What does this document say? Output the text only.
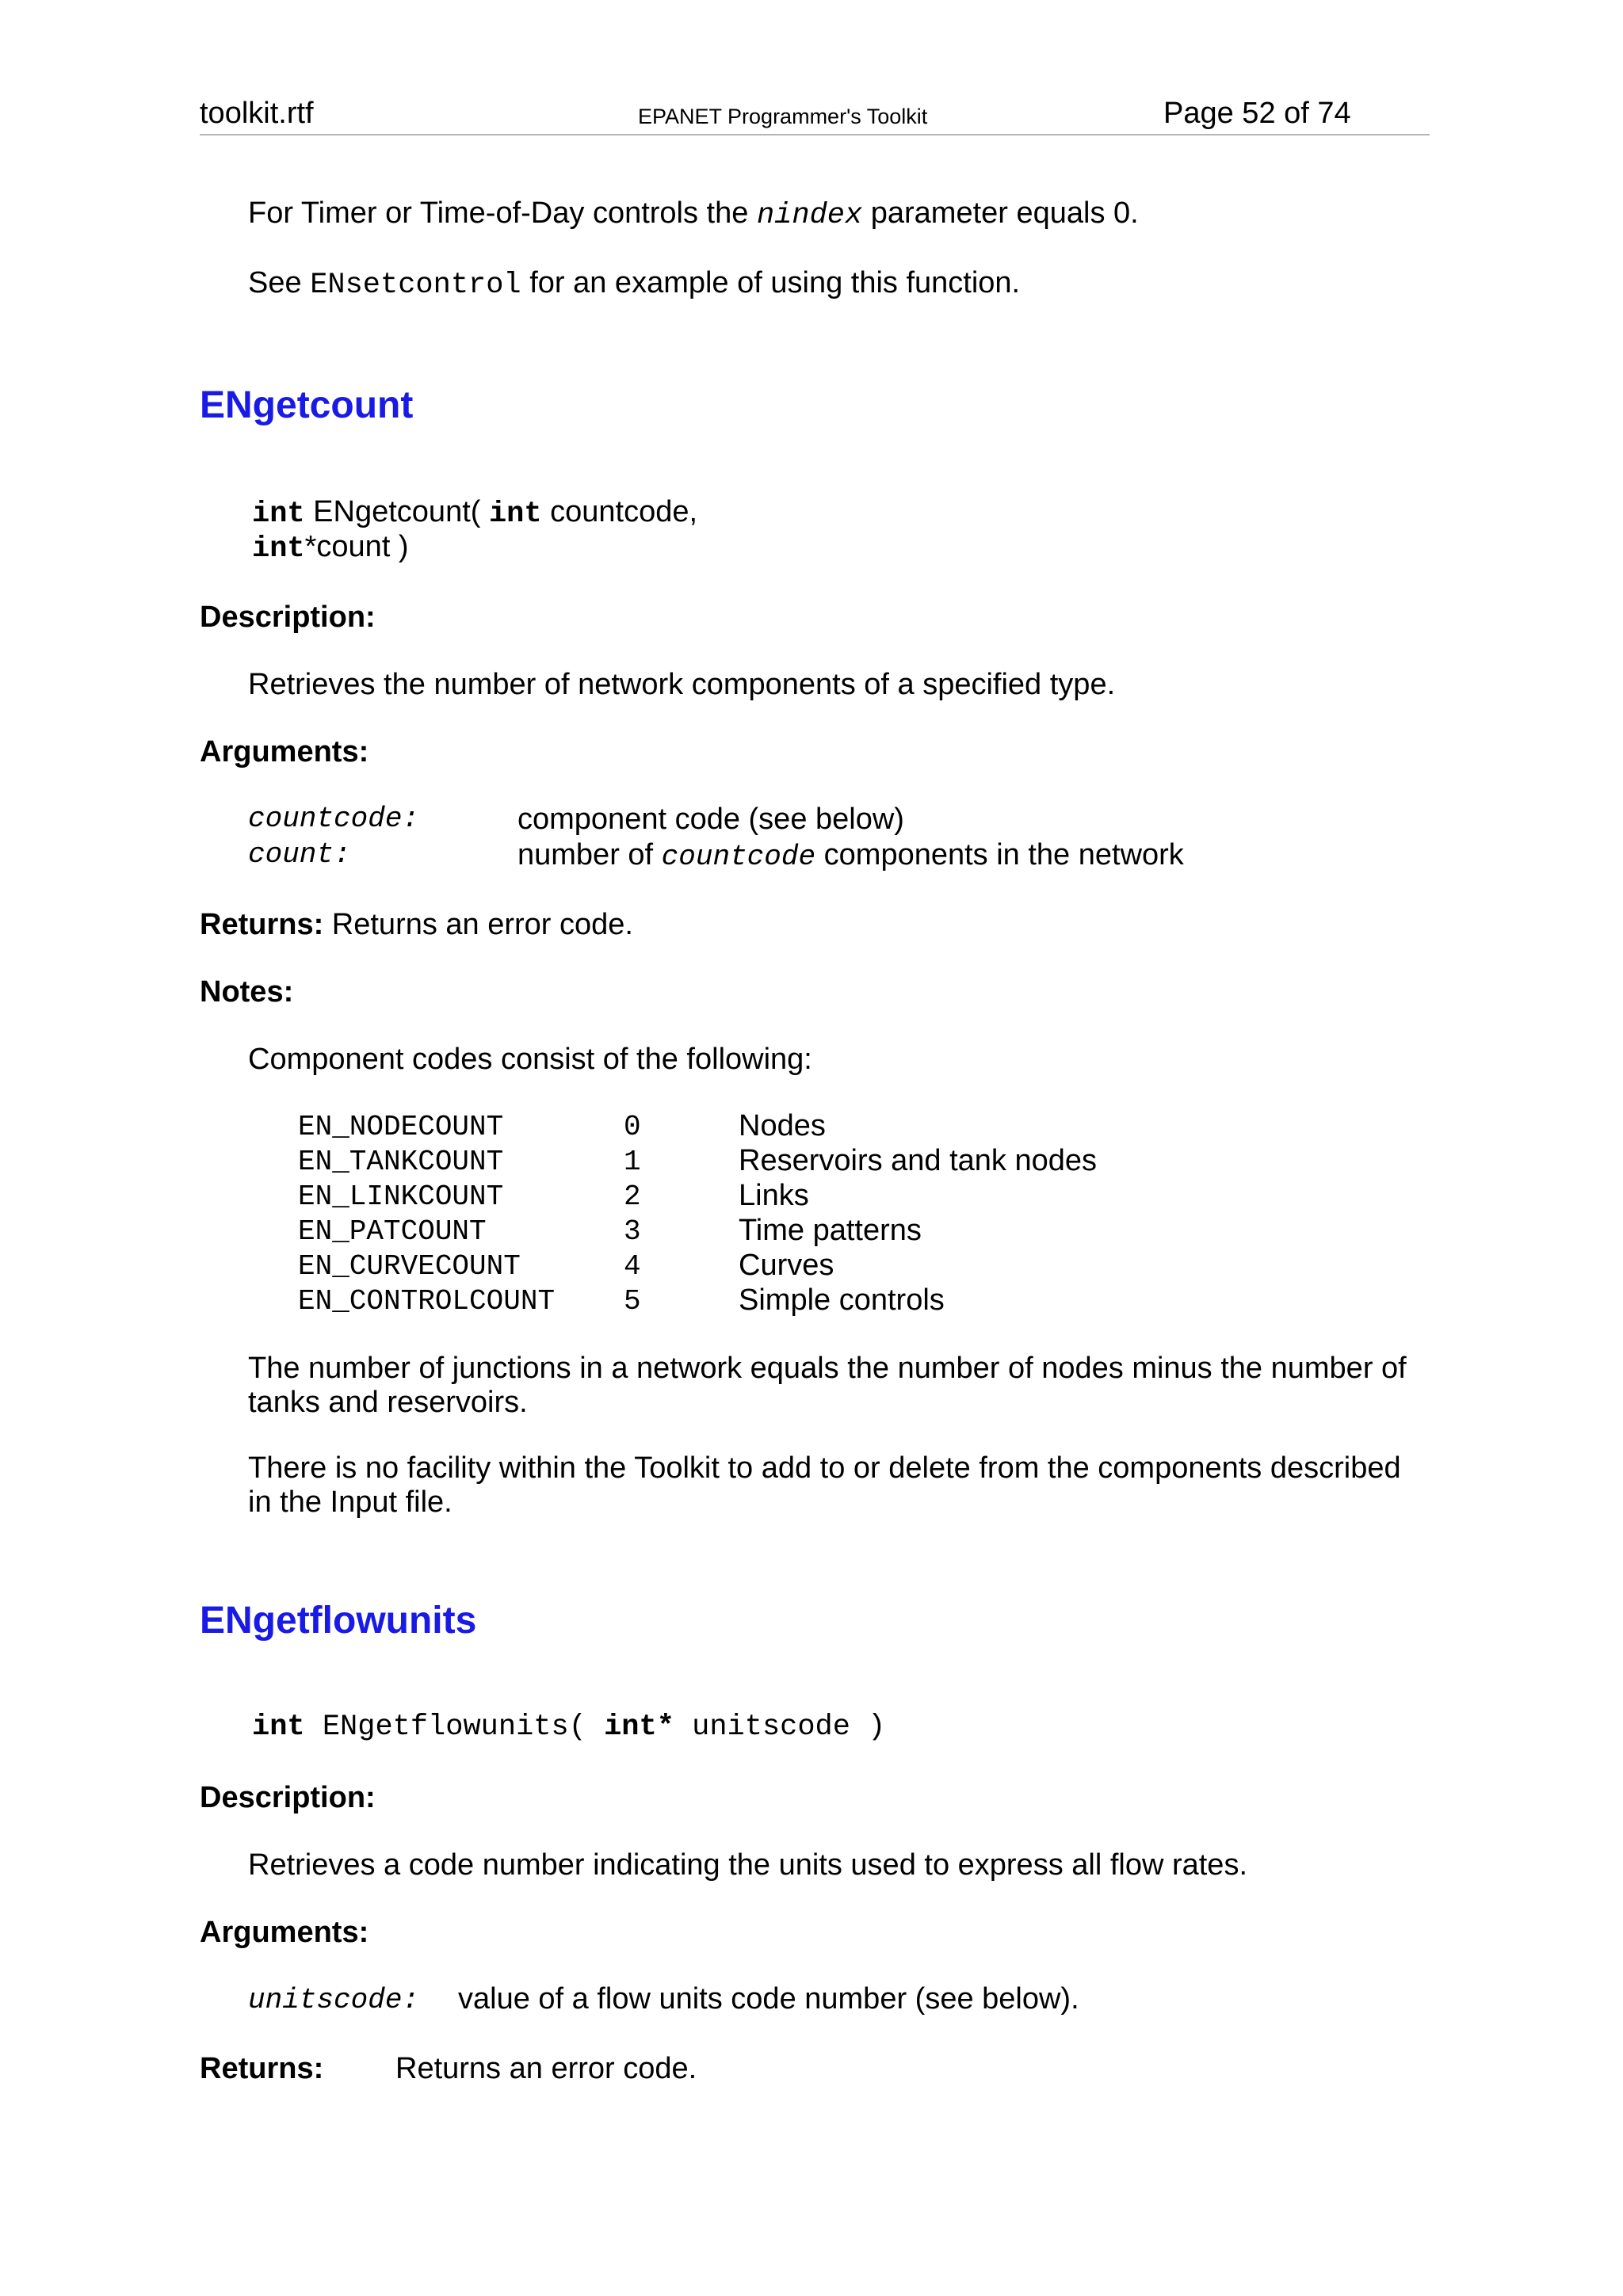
toolkit.rtf	EPANET Programmer's Toolkit	Page 52 of 74
For Timer or Time-of-Day controls the nindex parameter equals 0.
See ENsetcontrol for an example of using this function.
ENgetcount
int ENgetcount( int countcode,
int*count )
Description:
Retrieves the number of network components of a specified type.
Arguments:
countcode:	component code (see below)
count:	number of countcode components in the network
Returns: Returns an error code.
Notes:
Component codes consist of the following:
EN_NODECOUNT	0	Nodes
EN_TANKCOUNT	1	Reservoirs and tank nodes
EN_LINKCOUNT	2	Links
EN_PATCOUNT	3	Time patterns
EN_CURVECOUNT	4	Curves
EN_CONTROLCOUNT 5	Simple controls
The number of junctions in a network equals the number of nodes minus the number of
tanks and reservoirs.
There is no facility within the Toolkit to add to or delete from the components described
in the Input file.
ENgetflowunits
int ENgetflowunits( int* unitscode )
Description:
Retrieves a code number indicating the units used to express all flow rates.
Arguments:
unitscode: value of a flow units code number (see below).
Returns: Returns an error code.
